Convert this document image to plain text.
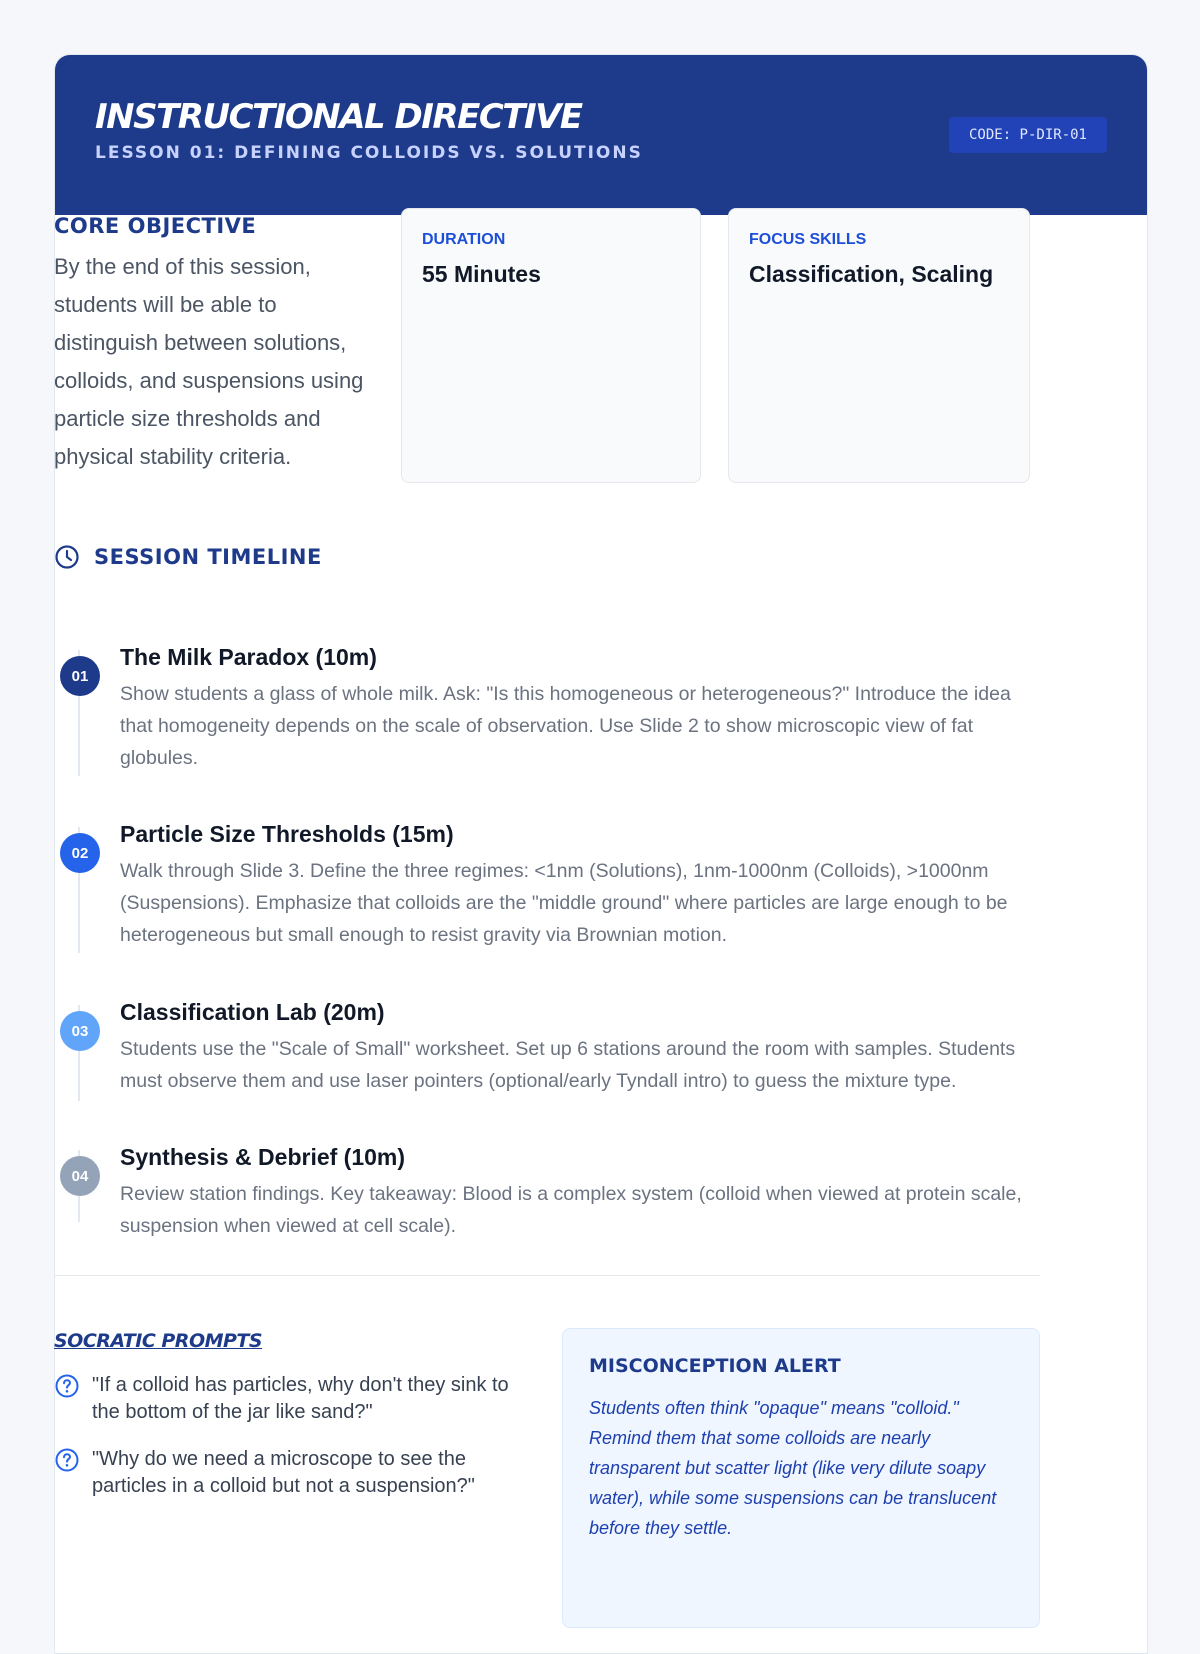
INSTRUCTIONAL DIRECTIVE
LESSON 01: DEFINING COLLOIDS VS. SOLUTIONS
CODE: P-DIR-01
CORE OBJECTIVE
By the end of this session, students will be able to distinguish between solutions, colloids, and suspensions using particle size thresholds and physical stability criteria.
DURATION
55 Minutes
FOCUS SKILLS
Classification, Scaling
SESSION TIMELINE
01
The Milk Paradox (10m)
Show students a glass of whole milk. Ask: "Is this homogeneous or heterogeneous?" Introduce the idea that homogeneity depends on the scale of observation. Use Slide 2 to show microscopic view of fat globules.
02
Particle Size Thresholds (15m)
Walk through Slide 3. Define the three regimes: <1nm (Solutions), 1nm-1000nm (Colloids), >1000nm (Suspensions). Emphasize that colloids are the "middle ground" where particles are large enough to be heterogeneous but small enough to resist gravity via Brownian motion.
03
Classification Lab (20m)
Students use the "Scale of Small" worksheet. Set up 6 stations around the room with samples. Students must observe them and use laser pointers (optional/early Tyndall intro) to guess the mixture type.
04
Synthesis & Debrief (10m)
Review station findings. Key takeaway: Blood is a complex system (colloid when viewed at protein scale, suspension when viewed at cell scale).
SOCRATIC PROMPTS
"If a colloid has particles, why don't they sink to the bottom of the jar like sand?"
"Why do we need a microscope to see the particles in a colloid but not a suspension?"
MISCONCEPTION ALERT
Students often think "opaque" means "colloid." Remind them that some colloids are nearly transparent but scatter light (like very dilute soapy water), while some suspensions can be translucent before they settle.
